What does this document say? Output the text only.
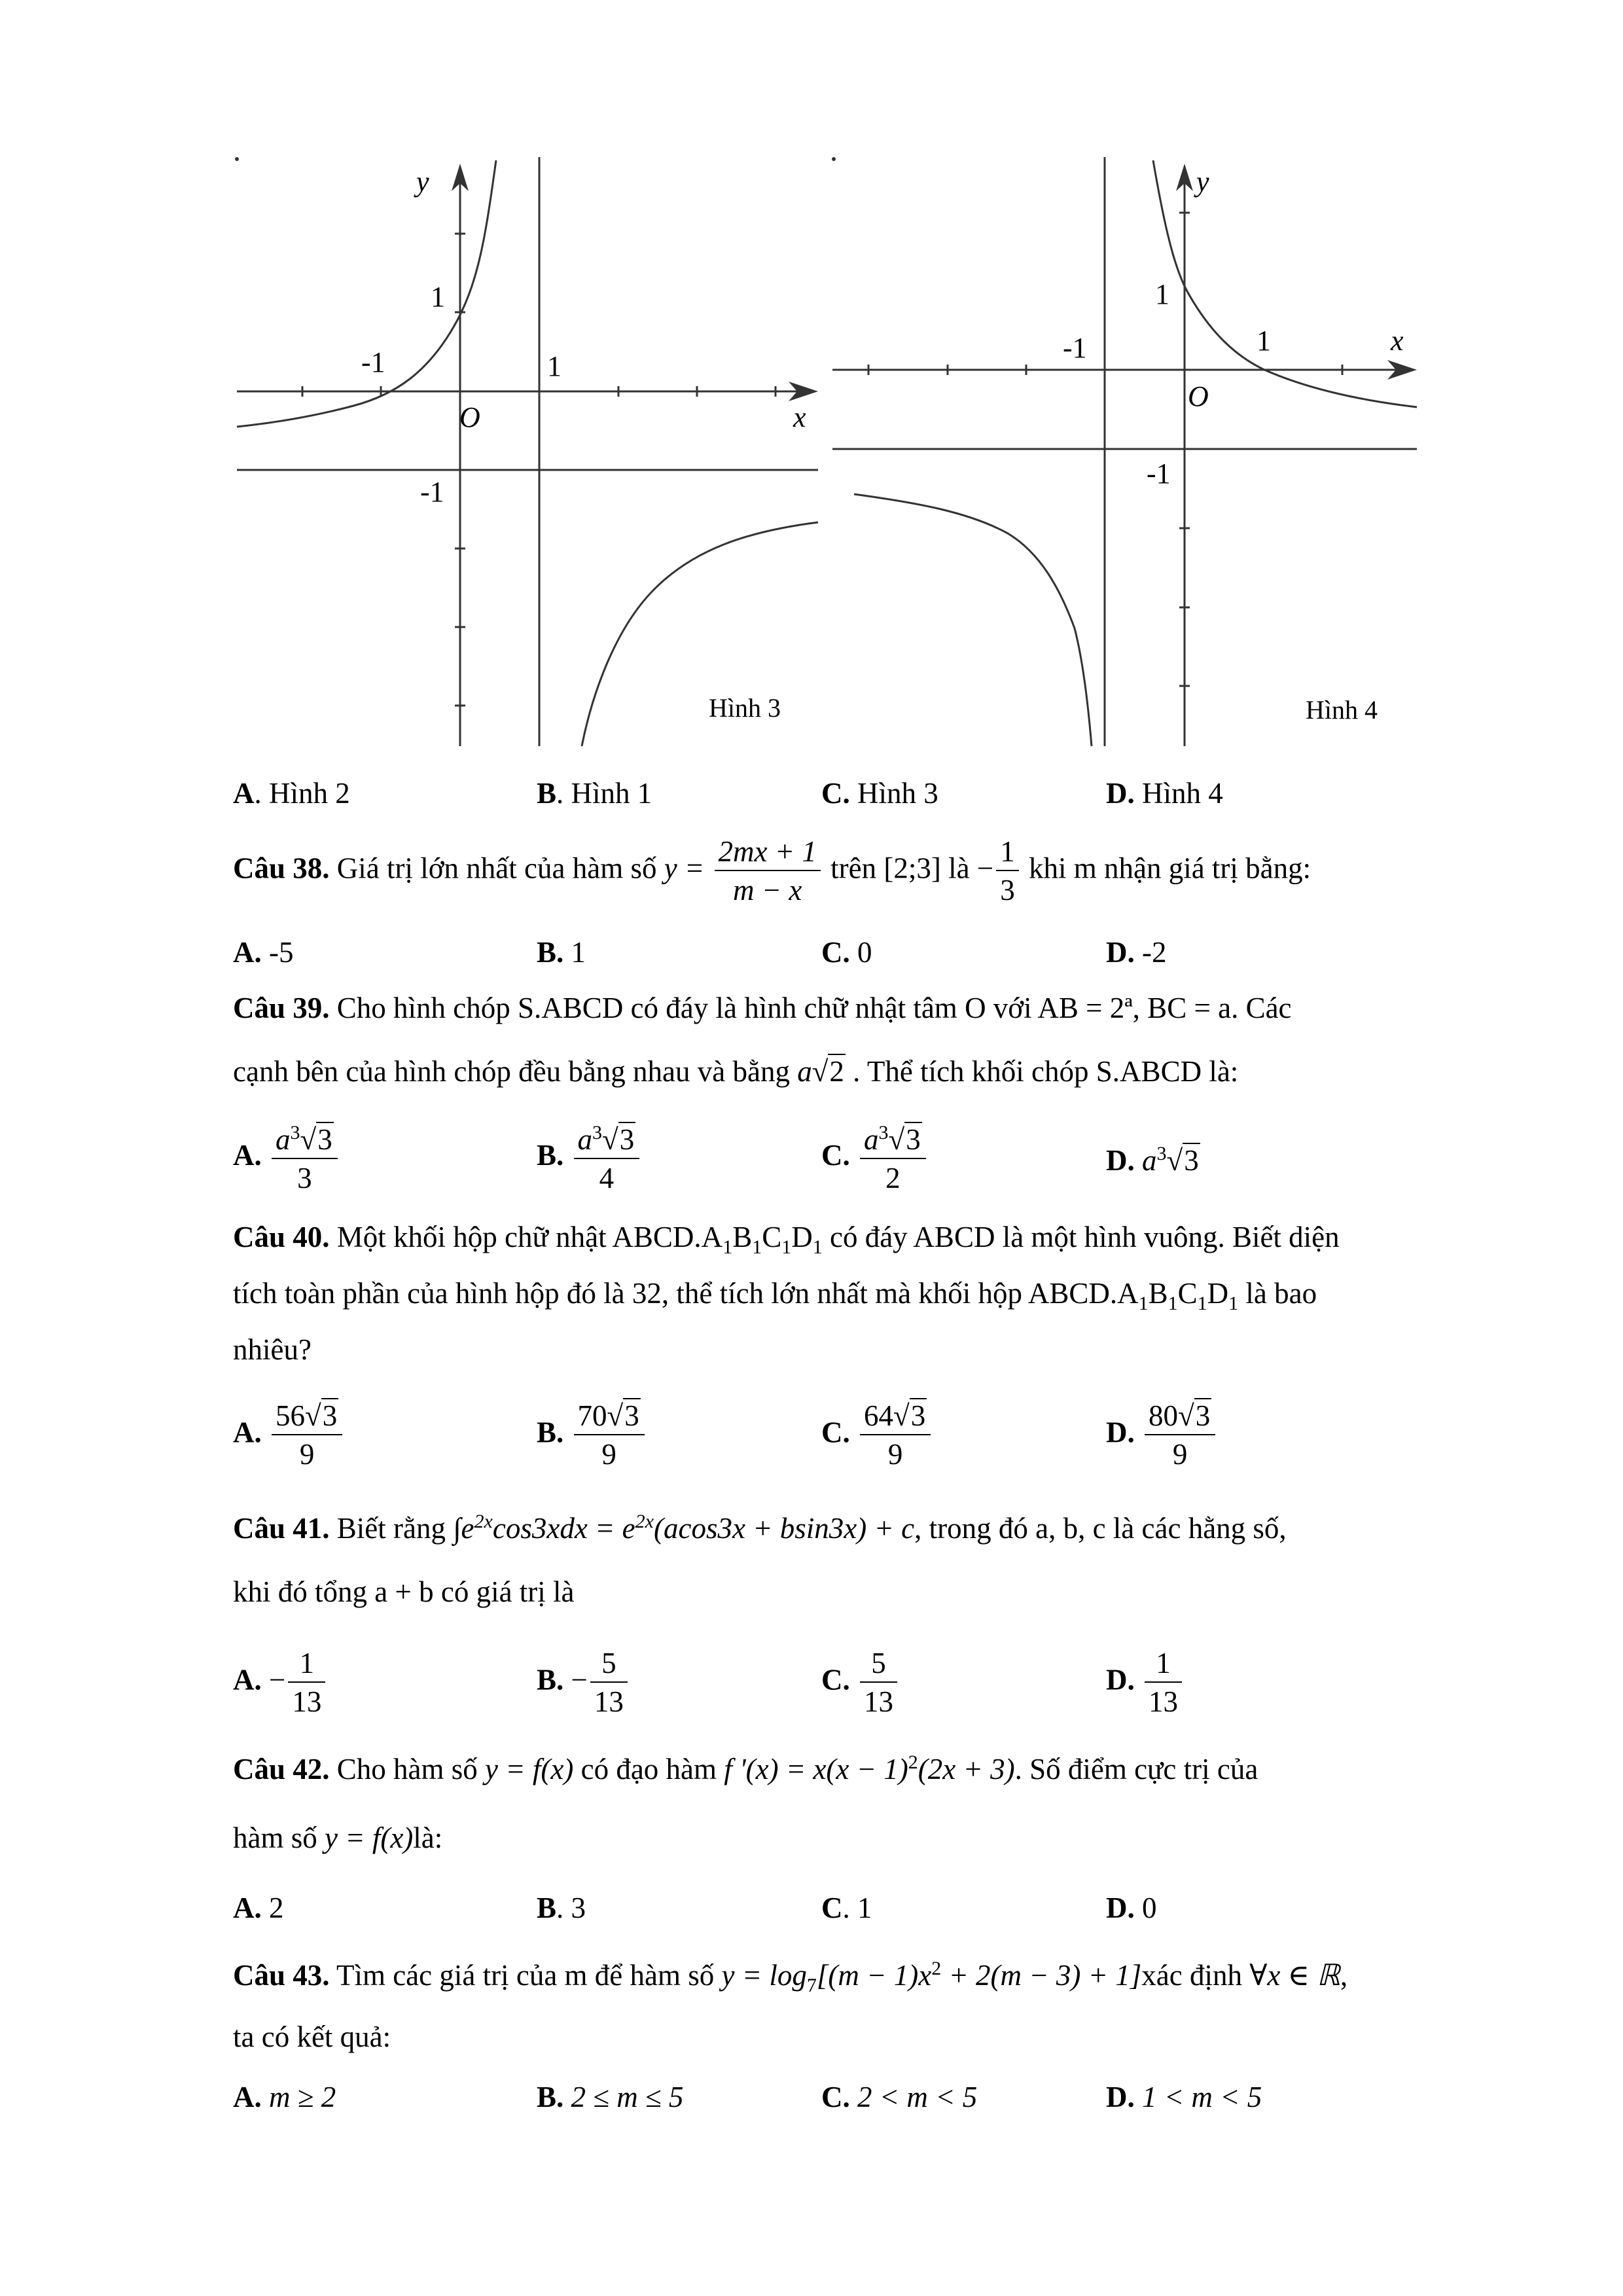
y
1
-1	1
O	x
-1
Hình 3
y
1
-1	1	x
O
-1
Hình 4
A. Hình 2	B. Hình 1	C. Hình 3	D. Hình 4
Câu 38. Giá trị lớn nhất của hàm số $y = \frac{2mx + 1}{m - x}$ trên [2;3] là − $\frac{1}{3}$ khi m nhận giá trị bằng:
A. -5	B. 1	C. 0	D. -2
Câu 39. Cho hình chóp S.ABCD có đáy là hình chữ nhật tâm O với AB = 2ª, BC = a. Các
cạnh bên của hình chóp đều bằng nhau và bằng a√2 . Thể tích khối chóp S.ABCD là:
A. $\frac{a^3√3}{3}$	B. $\frac{a^3√3}{4}$	C. $\frac{a^3√3}{2}$	D. $a^3√3$
Câu 40. Một khối hộp chữ nhật $ABCD.A_1B_1C_1D_1$ có đáy ABCD là một hình vuông. Biết diện
tích toàn phần của hình hộp đó là 32, thể tích lớn nhất mà khối hộp $ABCD.A_1B_1C_1D_1$ là bao
nhiêu?
A. $\frac{56√3}{9}$	B. $\frac{70√3}{9}$	C. $\frac{64√3}{9}$	D. $\frac{80√3}{9}$
Câu 41. Biết rằng $\int e^{2x}\cos 3xdx = e^{2x}(acos3x + bsin3x) + c$, trong đó a, b, c là các hằng số,
khi đó tổng a + b có giá trị là
A. − $\frac{1}{13}$	B. − $\frac{5}{13}$	C. $\frac{5}{13}$	D. $\frac{1}{13}$
Câu 42. Cho hàm số y = f(x) có đạo hàm f '$(x) = x(x - 1)^2(2x + 3)$. Số điểm cực trị của
hàm số y = f(x)là:
A. 2	B. 3	C. 1	D. 0
Câu 43. Tìm các giá trị của m để hàm số $y = \log_7[(m - 1)x^2 + 2(m - 3)$ + 1]xác định ∀x ∈ ℝ,
ta có kết quả:
A. m ≥ 2	B. 2 ≤ m ≤ 5	C. 2 < m < 5	D. 1 < m < 5
